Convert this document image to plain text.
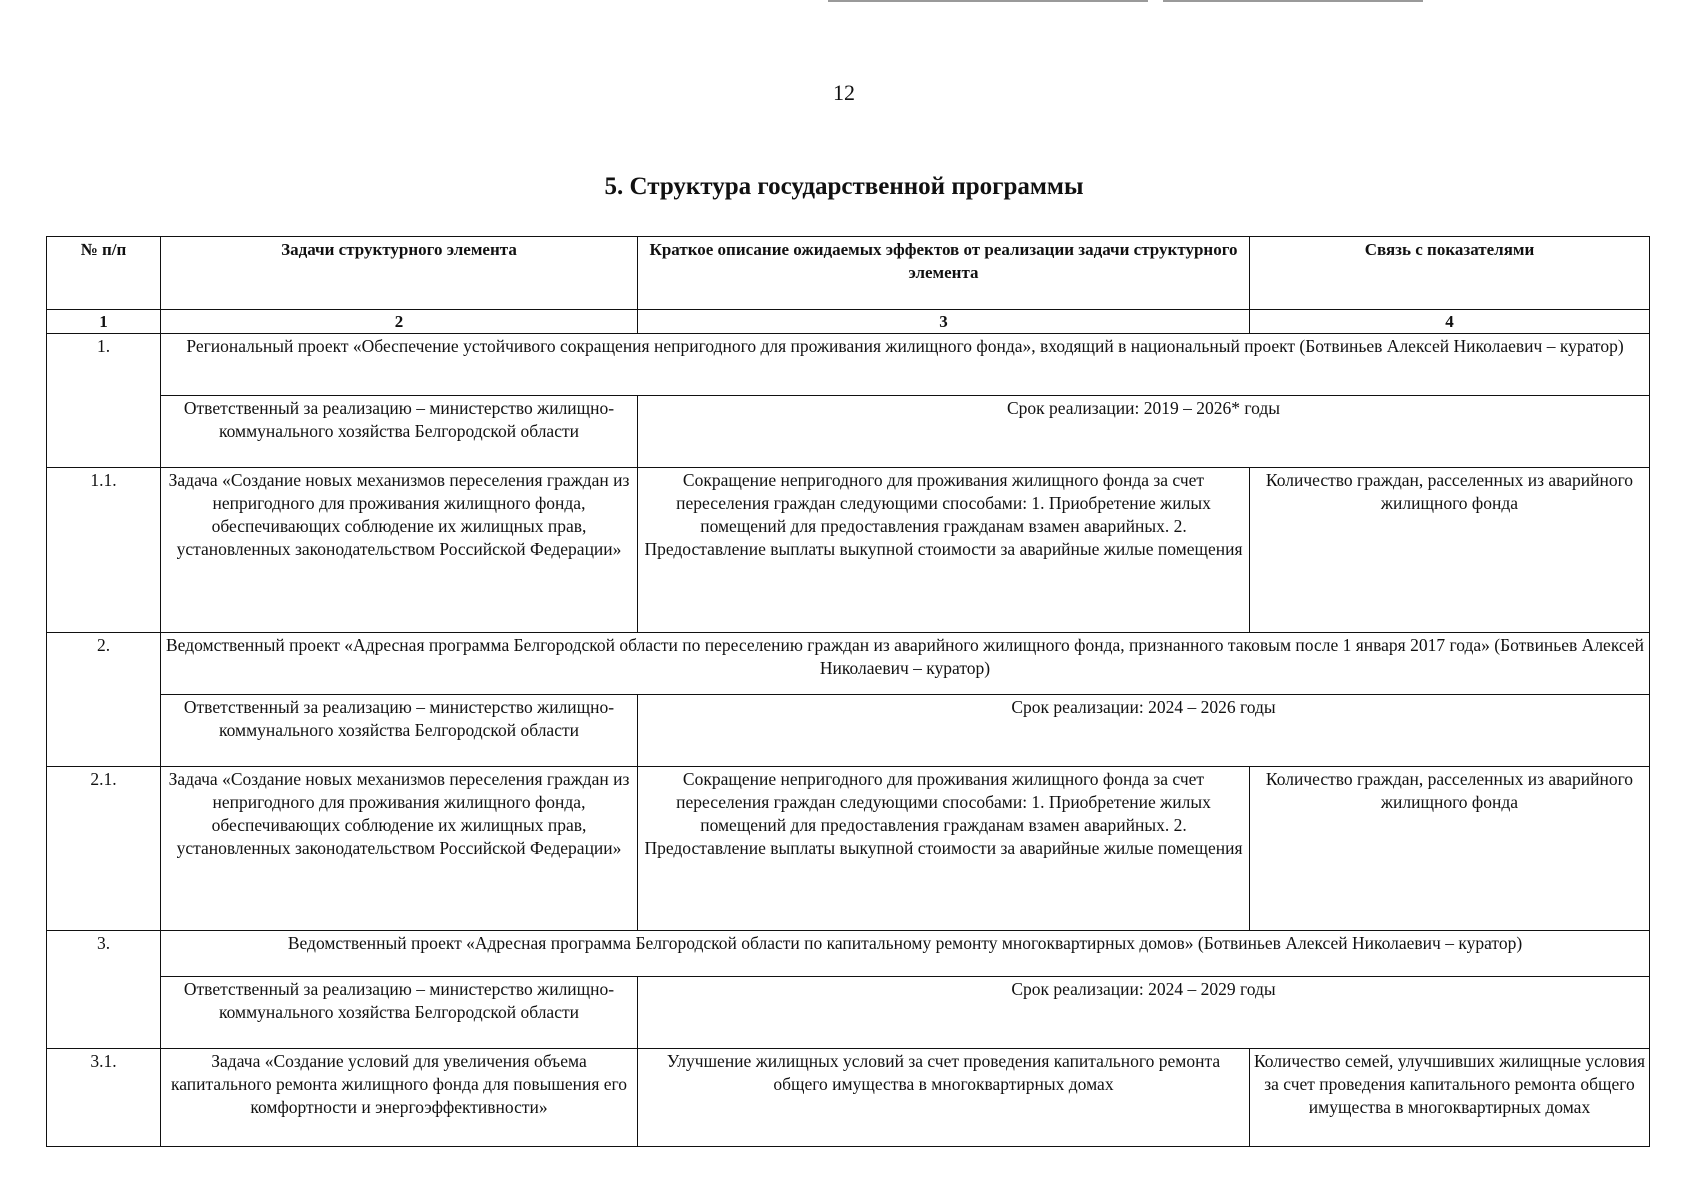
12
5. Структура государственной программы
№ п/п	Задачи структурного элемента	Краткое описание ожидаемых эффектов от реализации задачи структурного элемента	Связь с показателями
1	2	3	4
1.	Региональный проект «Обеспечение устойчивого сокращения непригодного для проживания жилищного фонда», входящий в национальный проект (Ботвиньев Алексей Николаевич – куратор)		
	Ответственный за реализацию – министерство жилищно-коммунального хозяйства Белгородской области	Срок реализации: 2019 – 2026* годы	
1.1.	Задача «Создание новых механизмов переселения граждан из непригодного для проживания жилищного фонда, обеспечивающих соблюдение их жилищных прав, установленных законодательством Российской Федерации»	Сокращение непригодного для проживания жилищного фонда за счет переселения граждан следующими способами: 1. Приобретение жилых помещений для предоставления гражданам взамен аварийных. 2. Предоставление выплаты выкупной стоимости за аварийные жилые помещения	Количество граждан, расселенных из аварийного жилищного фонда
2.	Ведомственный проект «Адресная программа Белгородской области по переселению граждан из аварийного жилищного фонда, признанного таковым после 1 января 2017 года» (Ботвиньев Алексей Николаевич – куратор)		
	Ответственный за реализацию – министерство жилищно-коммунального хозяйства Белгородской области	Срок реализации: 2024 – 2026 годы	
2.1.	Задача «Создание новых механизмов переселения граждан из непригодного для проживания жилищного фонда, обеспечивающих соблюдение их жилищных прав, установленных законодательством Российской Федерации»	Сокращение непригодного для проживания жилищного фонда за счет переселения граждан следующими способами: 1. Приобретение жилых помещений для предоставления гражданам взамен аварийных. 2. Предоставление выплаты выкупной стоимости за аварийные жилые помещения	Количество граждан, расселенных из аварийного жилищного фонда
3.	Ведомственный проект «Адресная программа Белгородской области по капитальному ремонту многоквартирных домов» (Ботвиньев Алексей Николаевич – куратор)		
	Ответственный за реализацию – министерство жилищно-коммунального хозяйства Белгородской области	Срок реализации: 2024 – 2029 годы	
3.1.	Задача «Создание условий для увеличения объема капитального ремонта жилищного фонда для повышения его комфортности и энергоэффективности»	Улучшение жилищных условий за счет проведения капитального ремонта общего имущества в многоквартирных домах	Количество семей, улучшивших жилищные условия за счет проведения капитального ремонта общего имущества в многоквартирных домах
